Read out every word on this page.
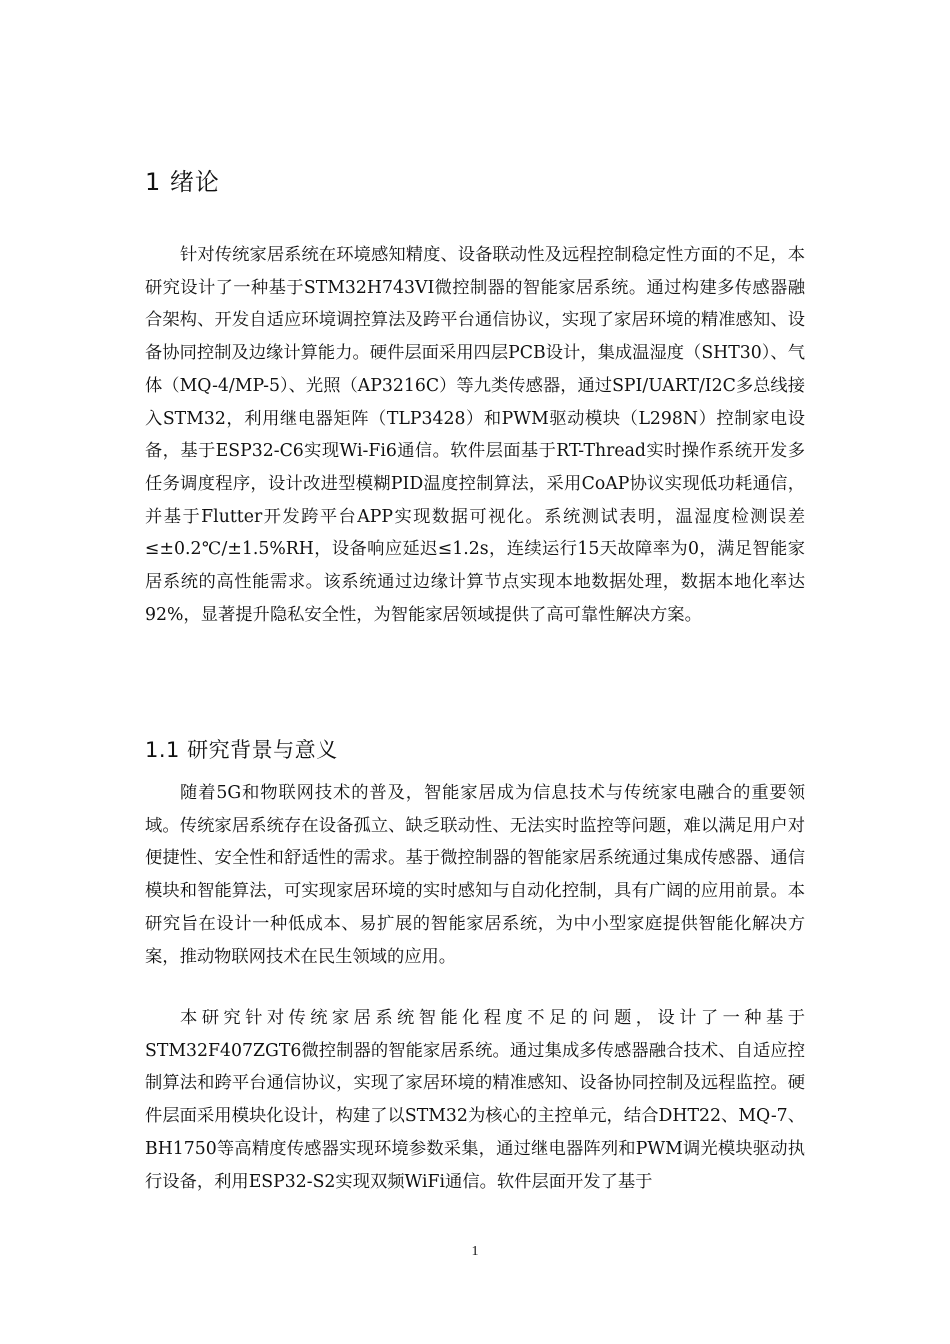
1 绪论

针对传统家居系统在环境感知精度、设备联动性及远程控制稳定性方面的不足，本研究设计了一种基于STM32H743VI微控制器的智能家居系统。通过构建多传感器融合架构、开发自适应环境调控算法及跨平台通信协议，实现了家居环境的精准感知、设备协同控制及边缘计算能力。硬件层面采用四层PCB设计，集成温湿度（SHT30）、气体（MQ-4/MP-5）、光照（AP3216C）等九类传感器，通过SPI/UART/I2C多总线接入STM32，利用继电器矩阵（TLP3428）和PWM驱动模块（L298N）控制家电设备，基于ESP32-C6实现Wi-Fi6通信。软件层面基于RT-Thread实时操作系统开发多任务调度程序，设计改进型模糊PID温度控制算法，采用CoAP协议实现低功耗通信，并基于Flutter开发跨平台APP实现数据可视化。系统测试表明，温湿度检测误差≤±0.2℃/±1.5%RH，设备响应延迟≤1.2s，连续运行15天故障率为0，满足智能家居系统的高性能需求。该系统通过边缘计算节点实现本地数据处理，数据本地化率达92%，显著提升隐私安全性，为智能家居领域提供了高可靠性解决方案。

1.1 研究背景与意义

随着5G和物联网技术的普及，智能家居成为信息技术与传统家电融合的重要领域。传统家居系统存在设备孤立、缺乏联动性、无法实时监控等问题，难以满足用户对便捷性、安全性和舒适性的需求。基于微控制器的智能家居系统通过集成传感器、通信模块和智能算法，可实现家居环境的实时感知与自动化控制，具有广阔的应用前景。本研究旨在设计一种低成本、易扩展的智能家居系统，为中小型家庭提供智能化解决方案，推动物联网技术在民生领域的应用。

本研究针对传统家居系统智能化程度不足的问题，设计了一种基于STM32F407ZGT6微控制器的智能家居系统。通过集成多传感器融合技术、自适应控制算法和跨平台通信协议，实现了家居环境的精准感知、设备协同控制及远程监控。硬件层面采用模块化设计，构建了以STM32为核心的主控单元，结合DHT22、MQ-7、BH1750等高精度传感器实现环境参数采集，通过继电器阵列和PWM调光模块驱动执行设备，利用ESP32-S2实现双频WiFi通信。软件层面开发了基于

1
